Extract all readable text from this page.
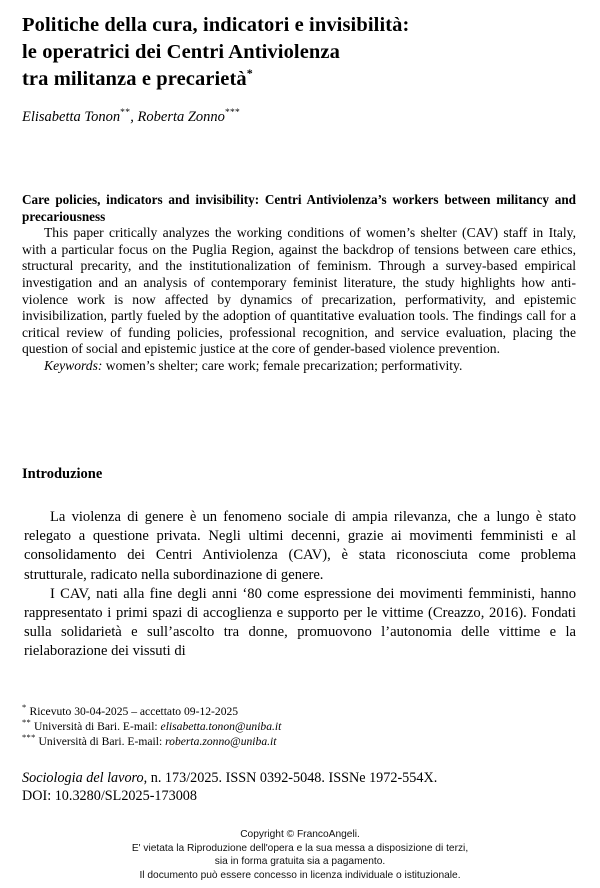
Politiche della cura, indicatori e invisibilità:
le operatrici dei Centri Antiviolenza
tra militanza e precarietà*
Elisabetta Tonon**, Roberta Zonno***

Care policies, indicators and invisibility: Centri Antiviolenza’s workers between militancy and precariousness

This paper critically analyzes the working conditions of women’s shelter (CAV) staff in Italy, with a particular focus on the Puglia Region, against the backdrop of tensions between care ethics, structural precarity, and the institutionalization of feminism. Through a survey-based empirical investigation and an analysis of contemporary feminist literature, the study highlights how anti-violence work is now affected by dynamics of precarization, performativity, and epistemic invisibilization, partly fueled by the adoption of quantitative evaluation tools. The findings call for a critical review of funding policies, professional recognition, and service evaluation, placing the question of social and epistemic justice at the core of gender-based violence prevention.

Keywords: women’s shelter; care work; female precarization; performativity.

Introduzione

La violenza di genere è un fenomeno sociale di ampia rilevanza, che a lungo è stato relegato a questione privata. Negli ultimi decenni, grazie ai movimenti femministi e al consolidamento dei Centri Antiviolenza (CAV), è stata riconosciuta come problema strutturale, radicato nella subordinazione di genere.

I CAV, nati alla fine degli anni ‘80 come espressione dei movimenti femministi, hanno rappresentato i primi spazi di accoglienza e supporto per le vittime (Creazzo, 2016). Fondati sulla solidarietà e sull’ascolto tra donne, promuovono l’autonomia delle vittime e la rielaborazione dei vissuti di

* Ricevuto 30-04-2025 – accettato 09-12-2025

** Università di Bari. E-mail: elisabetta.tonon@uniba.it

*** Università di Bari. E-mail: roberta.zonno@uniba.it

Sociologia del lavoro, n. 173/2025. ISSN 0392-5048. ISSNe 1972-554X.

DOI: 10.3280/SL2025-173008

Copyright © FrancoAngeli.

E' vietata la Riproduzione dell'opera e la sua messa a disposizione di terzi,

sia in forma gratuita sia a pagamento.

Il documento può essere concesso in licenza individuale o istituzionale.
